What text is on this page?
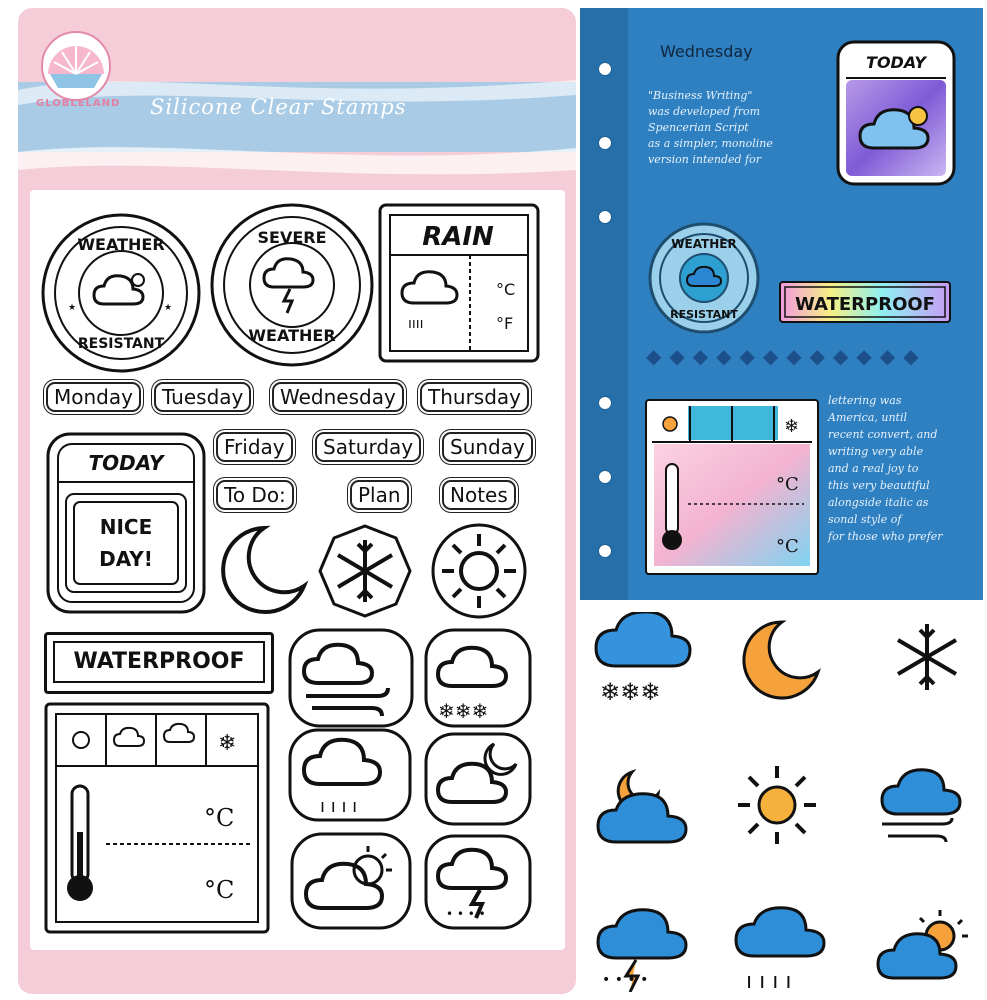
GLOBLELAND Silicone Clear Stamps
★	★
WEATHER
RESISTANT
SEVERE
WEATHER
ıııı
RAIN
°C
°F
Monday	Tuesday	Wednesday	Thursday
Friday	Saturday	Sunday
To Do:	Plan	Notes
TODAY
NICE
DAY!
WATERPROOF
❄❄❄
ı ı ı ı
• • • •
❄
°C
°C
Wednesday
"Business Writing"
was developed from
Spencerian Script
as a simpler, monoline
version intended for
TODAY
WEATHER
RESISTANT	WATERPROOF
◆◆◆◆◆◆◆◆◆◆◆◆
❄
°C
°C
lettering was
America, until
recent convert, and
writing very able
and a real joy to
this very beautiful
alongside italic as
sonal style of
for those who prefer
❄❄❄
• • • •	ı ı ı ı
